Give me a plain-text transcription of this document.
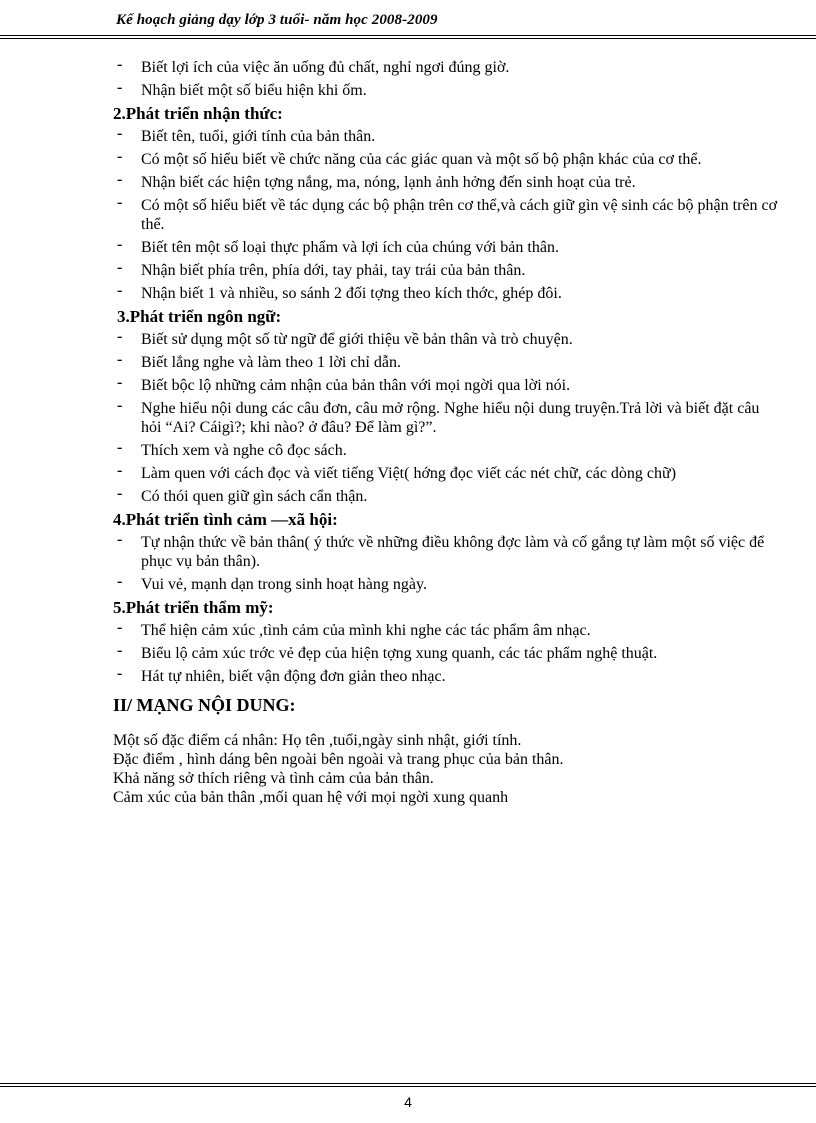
Kế hoạch giảng dạy lớp 3 tuổi- năm học 2008-2009
- Biết lợi ích của việc ăn uống đủ chất, nghỉ ngơi đúng giờ.
- Nhận biết một số biểu hiện khi ốm.
2.Phát triển nhận thức:
- Biết tên, tuổi, giới tính của bản thân.
- Có một số hiểu biết về chức năng của các giác quan và một số bộ phận khác của cơ thể.
- Nhận biết các hiện tợng nắng, ma, nóng, lạnh ảnh hởng đến sinh hoạt của trẻ.
- Có một số hiểu biết về tác dụng các bộ phận trên cơ thể,và cách giữ gìn vệ sinh các bộ phận trên cơ thể.
- Biết tên một số loại thực phẩm và lợi ích của chúng với bản thân.
- Nhận biết phía trên, phía dới, tay phải, tay trái của bản thân.
- Nhận biết 1 và nhiều, so sánh 2 đối tợng theo kích thớc, ghép đôi.
3.Phát triển ngôn ngữ:
- Biết sử dụng một số từ ngữ để giới thiệu về bản thân và trò chuyện.
- Biết lắng nghe và làm theo 1 lời chỉ dẫn.
- Biết bộc lộ những cảm nhận của bản thân với mọi ngời qua lời nói.
- Nghe hiểu nội dung các câu đơn, câu mở rộng. Nghe hiểu nội dung truyện.Trả lời và biết đặt câu hỏi “Ai? Cáigì?; khi nào? ở đâu? Để làm gì?”.
- Thích xem và nghe cô đọc sách.
- Làm quen với cách đọc và viết tiếng Việt( hớng đọc viết các nét chữ, các dòng chữ)
- Có thói quen giữ gìn sách cẩn thận.
4.Phát triển tình cảm —xã hội:
- Tự nhận thức về bản thân( ý thức về những điều không đợc làm và cố gắng tự làm một số việc để phục vụ bản thân).
- Vui vẻ, mạnh dạn trong sinh hoạt hàng ngày.
5.Phát triển thẩm mỹ:
- Thể hiện cảm xúc ,tình cảm của mình khi nghe các tác phẩm âm nhạc.
- Biểu lộ cảm xúc trớc vẻ đẹp của hiện tợng xung quanh, các tác phẩm nghệ thuật.
- Hát tự nhiên, biết vận động đơn giản theo nhạc.
II/ MẠNG NỘI DUNG:

Một số đặc điểm cá nhân: Họ tên ,tuổi,ngày sinh nhật, giới tính.

Đặc điểm , hình dáng bên ngoài bên ngoài và trang phục của bản thân.

Khả năng sở thích riêng và tình cảm của bản thân.

Cảm xúc của bản thân ,mối quan hệ với mọi ngời xung quanh

4
